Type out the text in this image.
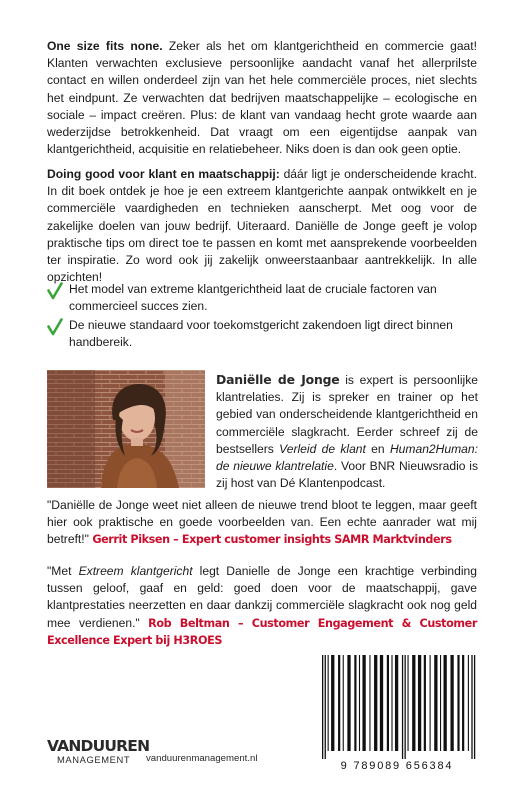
One size fits none. Zeker als het om klantgerichtheid en commercie gaat! Klanten verwachten exclusieve persoonlijke aandacht vanaf het allerprilste contact en willen onderdeel zijn van het hele commerciële proces, niet slechts het eindpunt. Ze verwachten dat bedrijven maatschappelijke – ecologische en sociale – impact creëren. Plus: de klant van vandaag hecht grote waarde aan wederzijdse betrokkenheid. Dat vraagt om een eigentijdse aanpak van klantgerichtheid, acquisitie en relatiebeheer. Niks doen is dan ook geen optie.

Doing good voor klant en maatschappij: dáár ligt je onderscheidende kracht. In dit boek ontdek je hoe je een extreem klantgerichte aanpak ontwikkelt en je commerciële vaardigheden en technieken aanscherpt. Met oog voor de zakelijke doelen van jouw bedrijf. Uiteraard. Daniëlle de Jonge geeft je volop praktische tips om direct toe te passen en komt met aansprekende voorbeelden ter inspiratie. Zo word ook jij zakelijk onweerstaanbaar aantrekkelijk. In alle opzichten!

Het model van extreme klantgerichtheid laat de cruciale factoren van commercieel succes zien.
De nieuwe standaard voor toekomstgericht zakendoen ligt direct binnen handbereik.

Daniëlle de Jonge is expert is persoonlijke klantrelaties. Zij is spreker en trainer op het gebied van onderscheidende klantgerichtheid en commerciële slagkracht. Eerder schreef zij de bestsellers Verleid de klant en Human2Human: de nieuwe klantrelatie. Voor BNR Nieuwsradio is zij host van Dé Klantenpodcast.

"Daniëlle de Jonge weet niet alleen de nieuwe trend bloot te leggen, maar geeft hier ook praktische en goede voorbeelden van. Een echte aanrader wat mij betreft!" Gerrit Piksen – Expert customer insights SAMR Marktvinders

"Met Extreem klantgericht legt Danielle de Jonge een krachtige verbinding tussen geloof, gaaf en geld: goed doen voor de maatschappij, gave klantprestaties neerzetten en daar dankzij commerciële slagkracht ook nog geld mee verdienen." Rob Beltman – Customer Engagement & Customer Excellence Expert bij H3ROES

VANDUUREN
MANAGEMENT	vanduurenmanagement.nl
9 789089 656384
